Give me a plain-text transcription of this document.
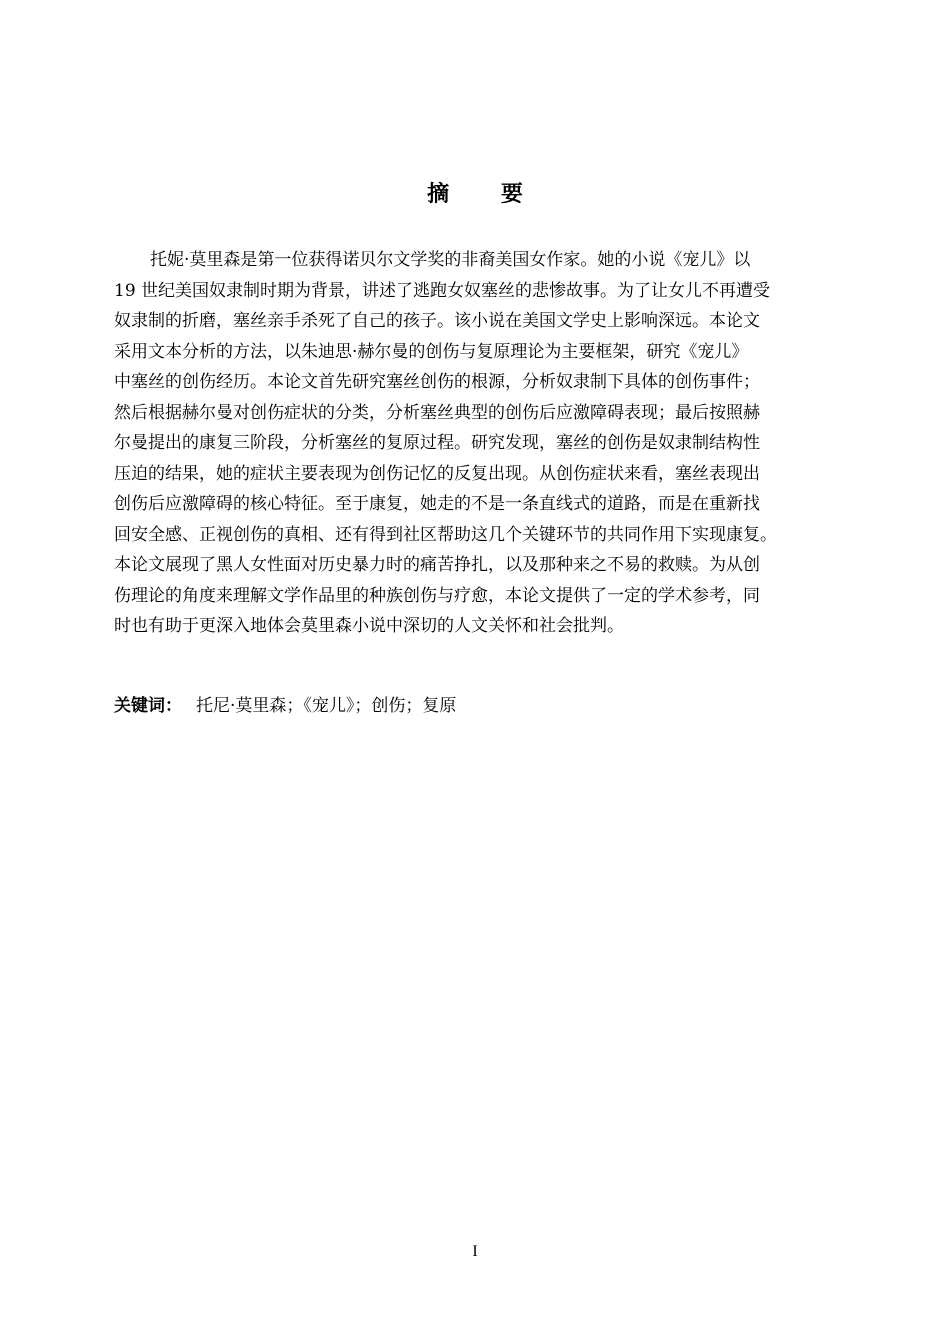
摘 要
托妮·莫里森是第一位获得诺贝尔文学奖的非裔美国女作家。她的小说《宠儿》以
19 世纪美国奴隶制时期为背景，讲述了逃跑女奴塞丝的悲惨故事。为了让女儿不再遭受
奴隶制的折磨，塞丝亲手杀死了自己的孩子。该小说在美国文学史上影响深远。本论文
采用文本分析的方法，以朱迪思·赫尔曼的创伤与复原理论为主要框架，研究《宠儿》
中塞丝的创伤经历。本论文首先研究塞丝创伤的根源，分析奴隶制下具体的创伤事件；
然后根据赫尔曼对创伤症状的分类，分析塞丝典型的创伤后应激障碍表现；最后按照赫
尔曼提出的康复三阶段，分析塞丝的复原过程。研究发现，塞丝的创伤是奴隶制结构性
压迫的结果，她的症状主要表现为创伤记忆的反复出现。从创伤症状来看，塞丝表现出
创伤后应激障碍的核心特征。至于康复，她走的不是一条直线式的道路，而是在重新找
回安全感、正视创伤的真相、还有得到社区帮助这几个关键环节的共同作用下实现康复。
本论文展现了黑人女性面对历史暴力时的痛苦挣扎，以及那种来之不易的救赎。为从创
伤理论的角度来理解文学作品里的种族创伤与疗愈，本论文提供了一定的学术参考，同
时也有助于更深入地体会莫里森小说中深切的人文关怀和社会批判。
关键词： 托尼·莫里森；《宠儿》；创伤；复原
I
